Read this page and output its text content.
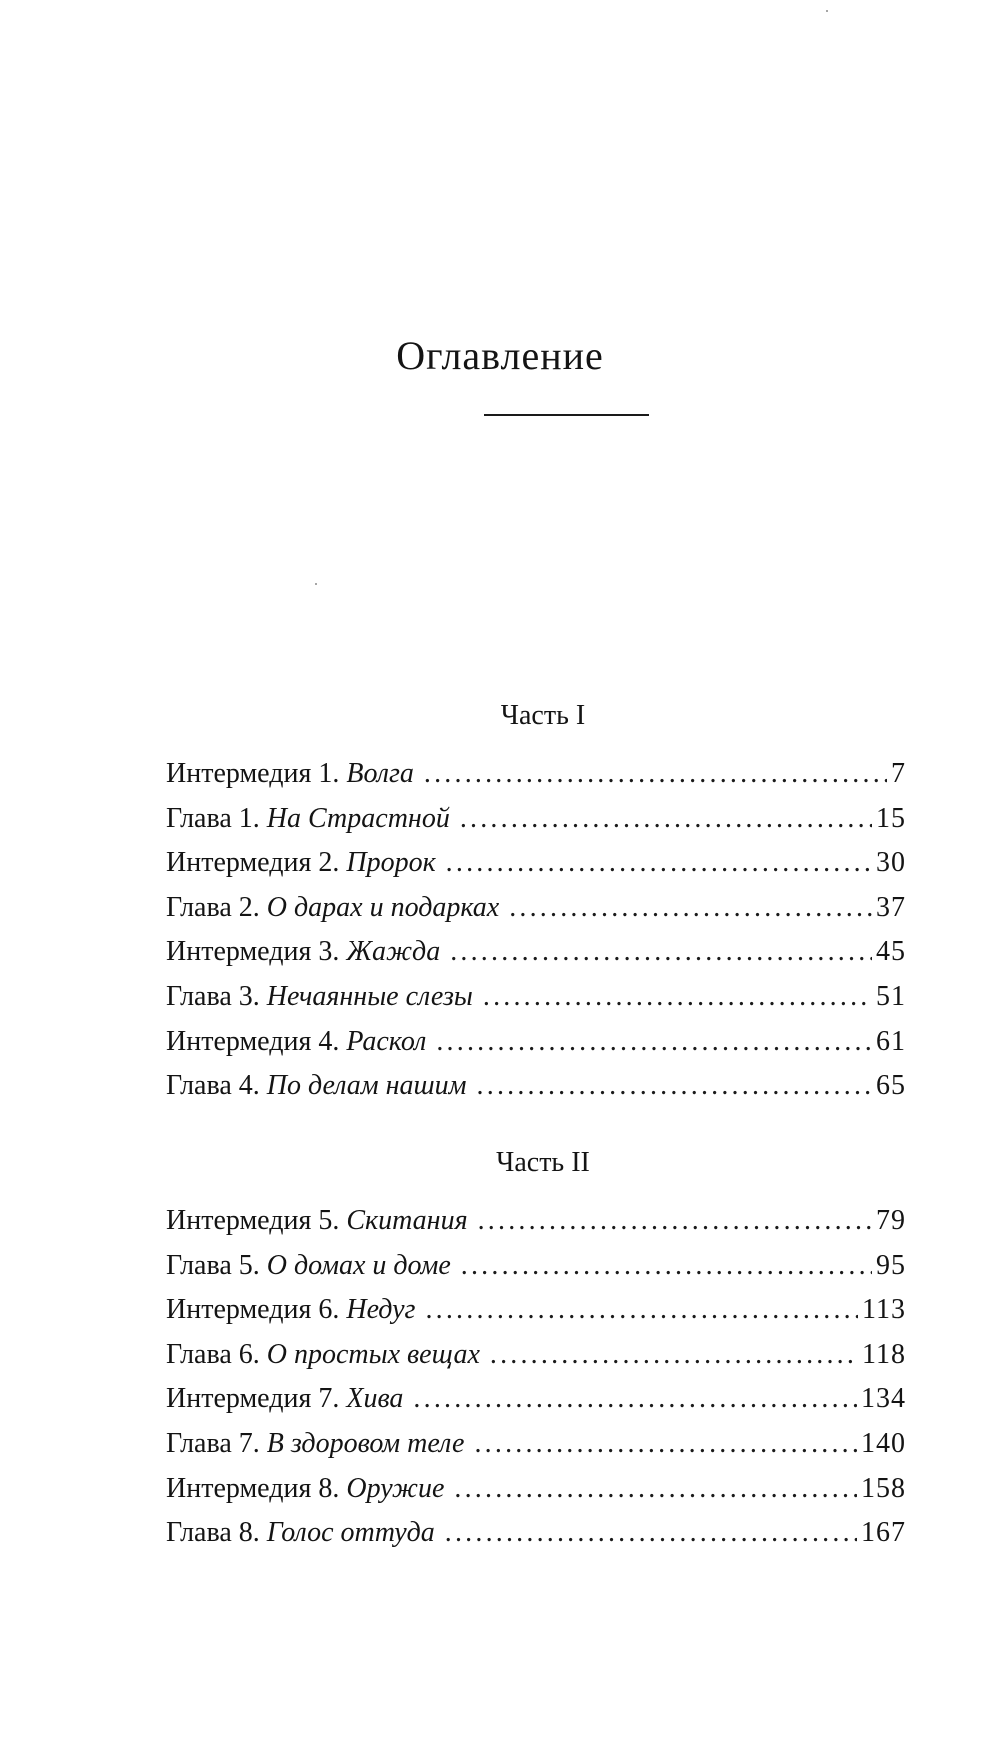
Оглавление
Часть I
Интермедия 1. Волга .....	7
Глава 1. На Страстной .....	15
Интермедия 2. Пророк .....	30
Глава 2. О дарах и подарках .....	37
Интермедия 3. Жажда .....	45
Глава 3. Нечаянные слезы .....	51
Интермедия 4. Раскол .....	61
Глава 4. По делам нашим .....	65
Часть II
Интермедия 5. Скитания .....	79
Глава 5. О домах и доме .....	95
Интермедия 6. Недуг .....	113
Глава 6. О простых вещах .....	118
Интермедия 7. Хива .....	134
Глава 7. В здоровом теле .....	140
Интермедия 8. Оружие .....	158
Глава 8. Голос оттуда .....	167
